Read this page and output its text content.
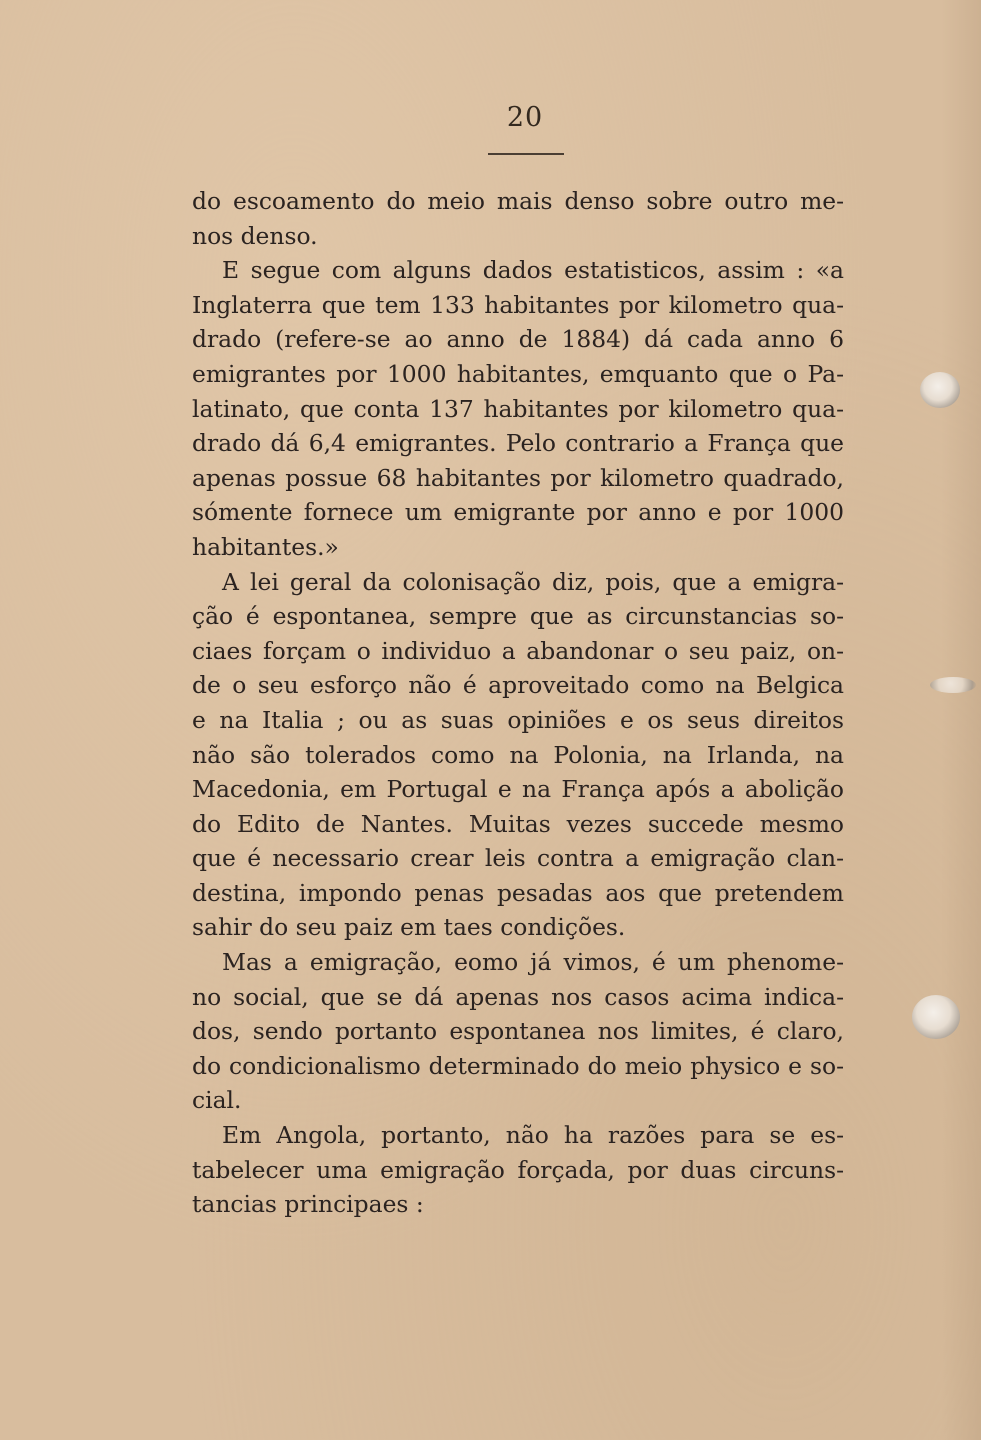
20
do escoamento do meio mais denso sobre outro me-
nos denso.
E segue com alguns dados estatisticos, assim : «a
Inglaterra que tem 133 habitantes por kilometro qua-
drado (refere-se ao anno de 1884) dá cada anno 6
emigrantes por 1000 habitantes, emquanto que o Pa-
latinato, que conta 137 habitantes por kilometro qua-
drado dá 6,4 emigrantes. Pelo contrario a França que
apenas possue 68 habitantes por kilometro quadrado,
sómente fornece um emigrante por anno e por 1000
habitantes.»
A lei geral da colonisação diz, pois, que a emigra-
ção é espontanea, sempre que as circunstancias so-
ciaes forçam o individuo a abandonar o seu paiz, on-
de o seu esforço não é aproveitado como na Belgica
e na Italia ; ou as suas opiniões e os seus direitos
não são tolerados como na Polonia, na Irlanda, na
Macedonia, em Portugal e na França após a abolição
do Edito de Nantes. Muitas vezes succede mesmo
que é necessario crear leis contra a emigração clan-
destina, impondo penas pesadas aos que pretendem
sahir do seu paiz em taes condições.
Mas a emigração, eomo já vimos, é um phenome-
no social, que se dá apenas nos casos acima indica-
dos, sendo portanto espontanea nos limites, é claro,
do condicionalismo determinado do meio physico e so-
cial.
Em Angola, portanto, não ha razões para se es-
tabelecer uma emigração forçada, por duas circuns-
tancias principaes :
